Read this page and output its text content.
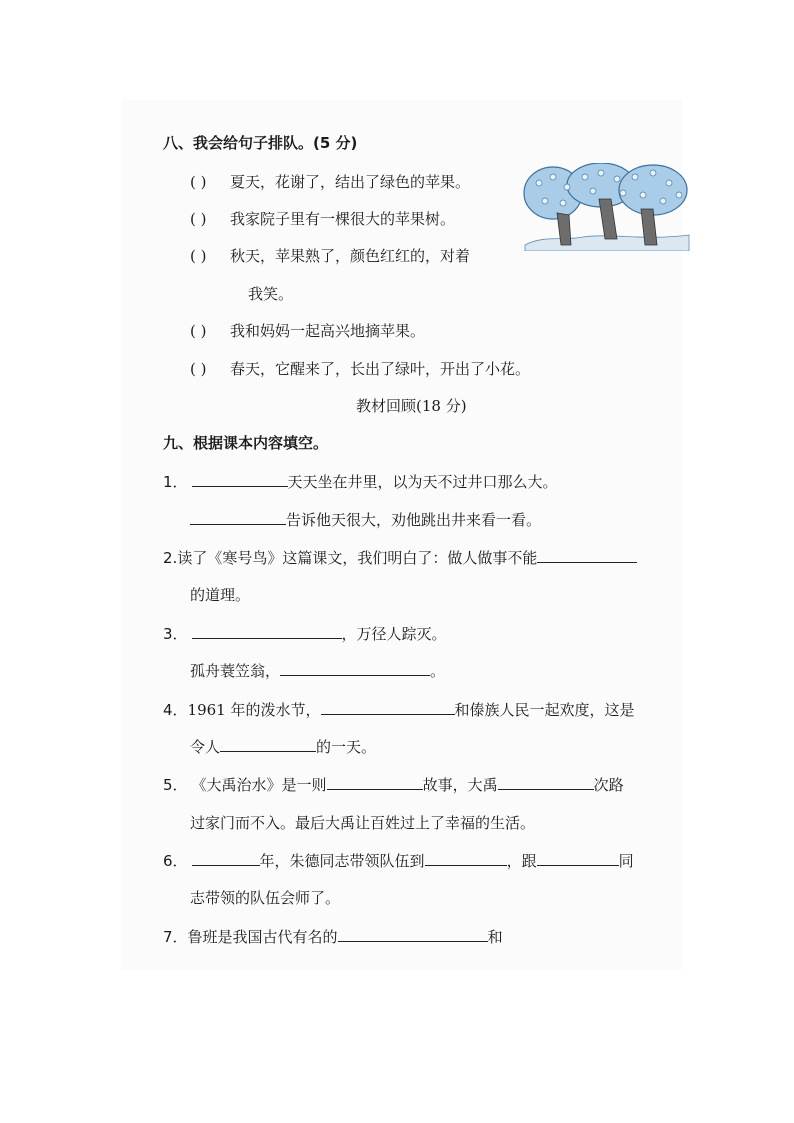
八、我会给句子排队。(5 分)
( ) 夏天，花谢了，结出了绿色的苹果。
( ) 我家院子里有一棵很大的苹果树。
( ) 秋天，苹果熟了，颜色红红的，对着
我笑。
( ) 我和妈妈一起高兴地摘苹果。
( ) 春天，它醒来了，长出了绿叶，开出了小花。
教材回顾(18 分)
九、根据课本内容填空。
1．	天天坐在井里，以为天不过井口那么大。
告诉他天很大，劝他跳出井来看一看。
2.读了《寒号鸟》这篇课文，我们明白了：做人做事不能
的道理。
3．	，万径人踪灭。
孤舟蓑笠翁，	。
4．1961 年的泼水节，	和傣族人民一起欢度，这是
令人	的一天。
5． 《大禹治水》是一则	故事，大禹	次路
过家门而不入。最后大禹让百姓过上了幸福的生活。
6．	年，朱德同志带领队伍到	，跟	同
志带领的队伍会师了。
7．鲁班是我国古代有名的	和
